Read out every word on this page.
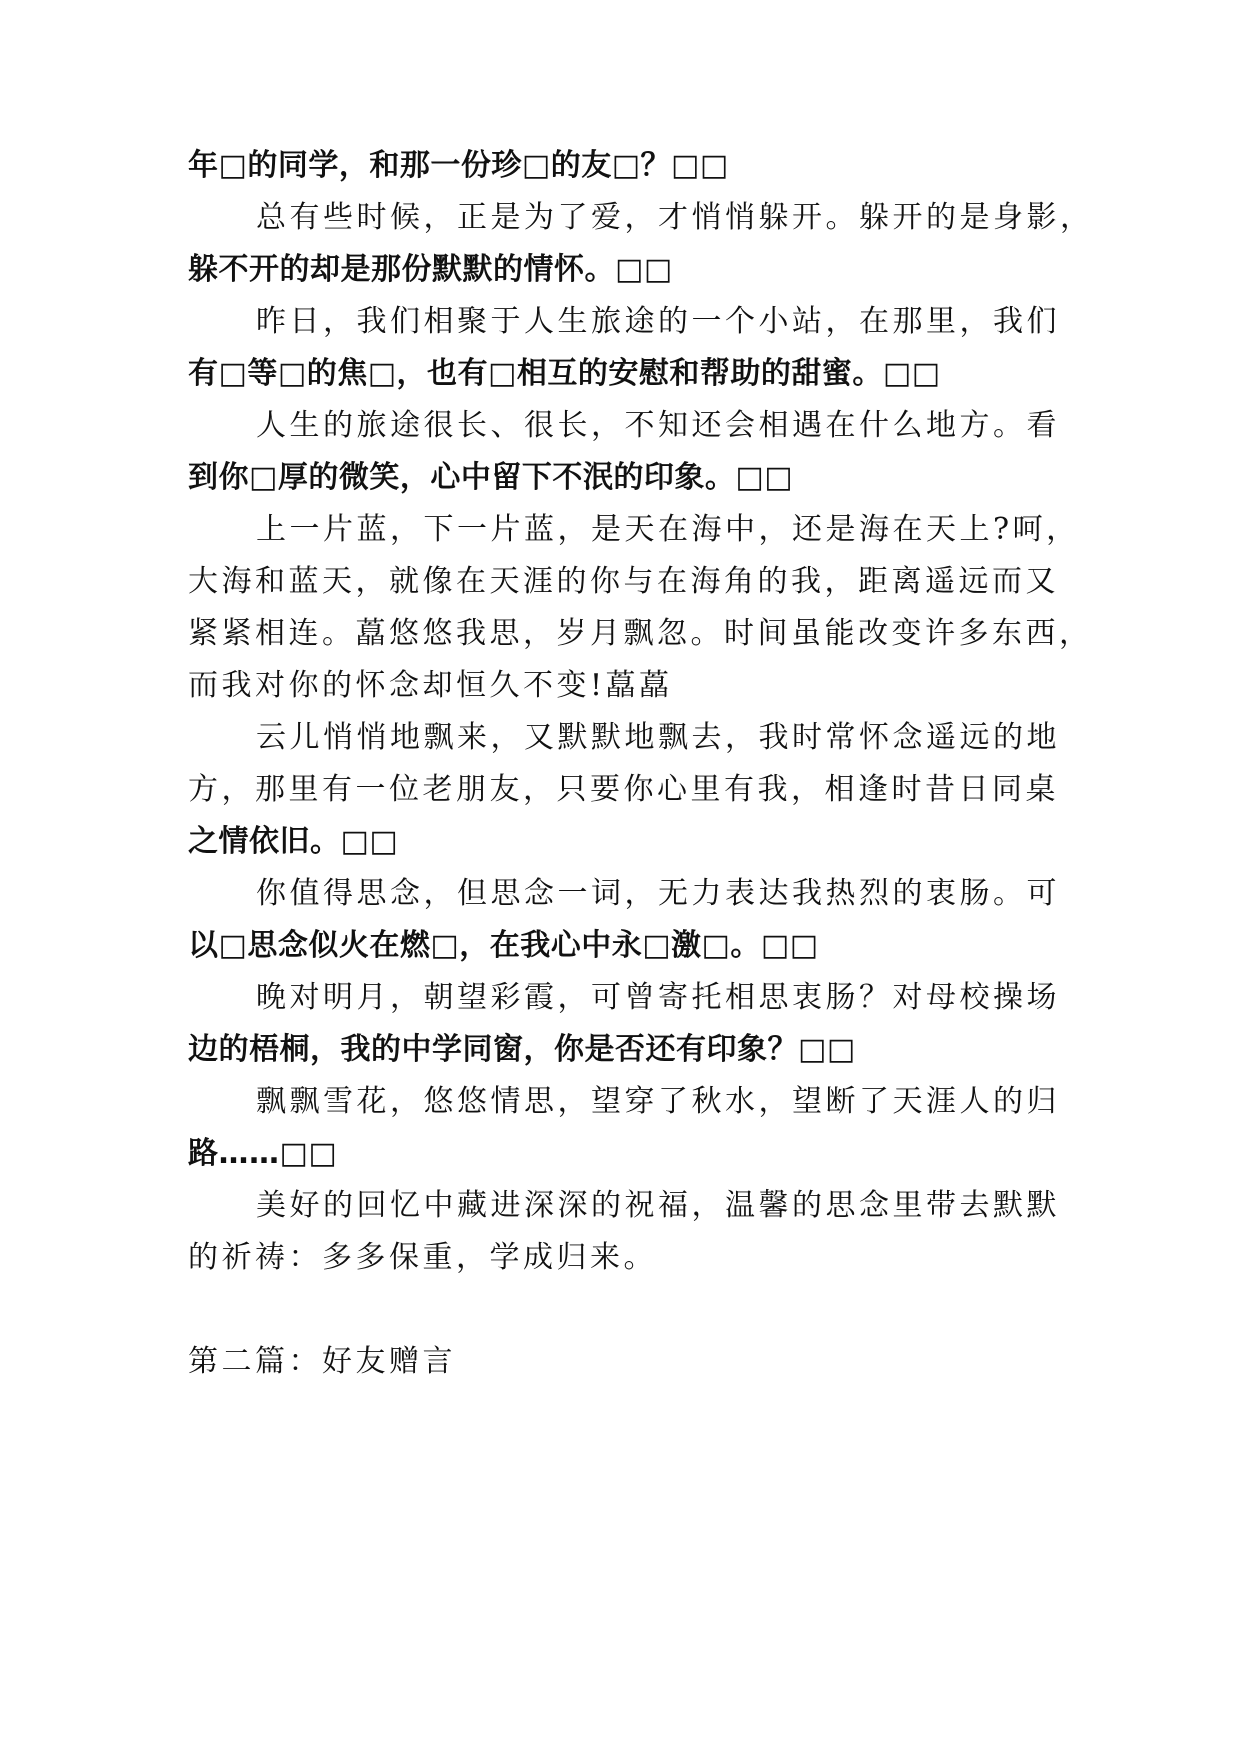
年□的同学，和那一份珍□的友□？□□
总有些时候，正是为了爱，才悄悄躲开。躲开的是身影，
躲不开的却是那份默默的情怀。□□
昨日，我们相聚于人生旅途的一个小站，在那里，我们
有□等□的焦□，也有□相互的安慰和帮助的甜蜜。□□
人生的旅途很长、很长，不知还会相遇在什么地方。看
到你□厚的微笑，心中留下不泯的印象。□□
上一片蓝，下一片蓝，是天在海中，还是海在天上?呵，
大海和蓝天，就像在天涯的你与在海角的我，距离遥远而又
紧紧相连。藠悠悠我思，岁月飘忽。时间虽能改变许多东西，
而我对你的怀念却恒久不变!藠藠
云儿悄悄地飘来，又默默地飘去，我时常怀念遥远的地
方，那里有一位老朋友，只要你心里有我，相逢时昔日同桌
之情依旧。□□
你值得思念，但思念一词，无力表达我热烈的衷肠。可
以□思念似火在燃□，在我心中永□激□。□□
晚对明月，朝望彩霞，可曾寄托相思衷肠？对母校操场
边的梧桐，我的中学同窗，你是否还有印象？□□
飘飘雪花，悠悠情思，望穿了秋水，望断了天涯人的归
路……□□
美好的回忆中藏进深深的祝福，温馨的思念里带去默默
的祈祷：多多保重，学成归来。
第二篇：好友赠言
